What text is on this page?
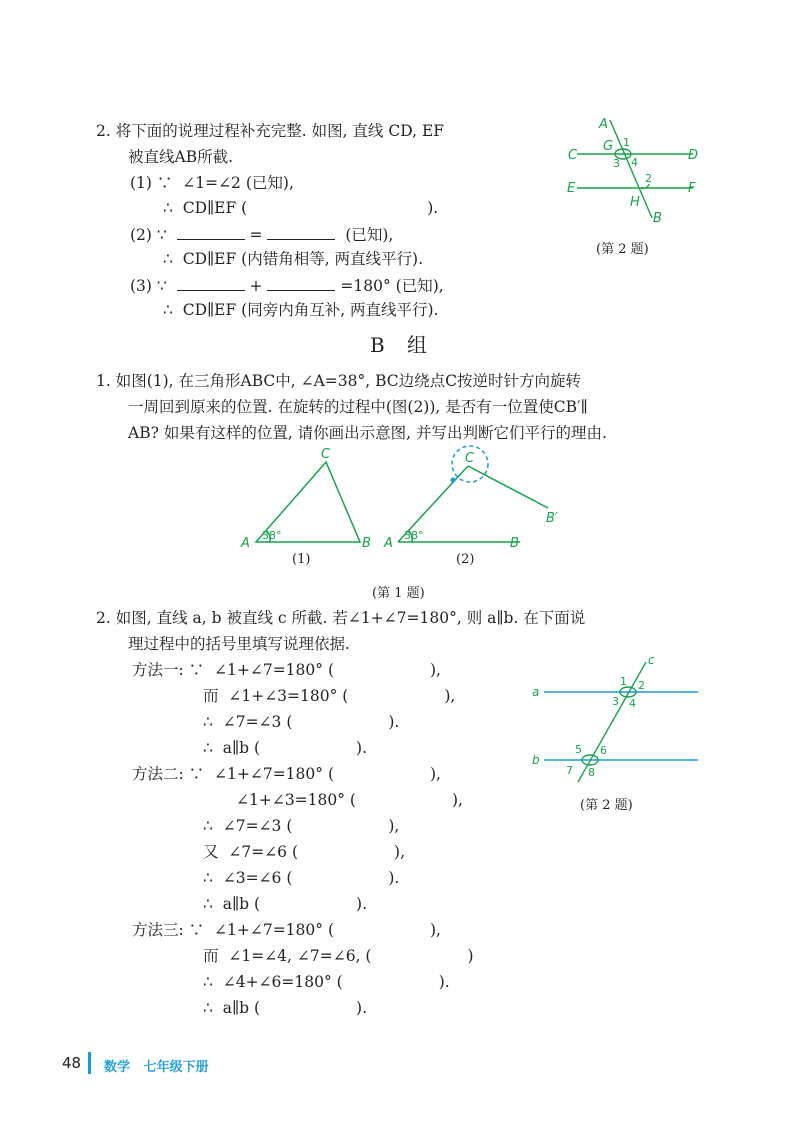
2. 将下面的说理过程补充完整. 如图, 直线 CD, EF
被直线AB所截.
(1) ∵  ∠1=∠2 (已知),
∴  CD∥EF (	).
(2) ∵	=	(已知),
∴  CD∥EF (内错角相等, 两直线平行).
(3) ∵	+	=180° (已知),
∴  CD∥EF (同旁内角互补, 两直线平行).
A
C	D
E	F
G
H
B
1
3 4
2
(第 2 题)
B 组
1. 如图(1), 在三角形ABC中, ∠A=38°, BC边绕点C按逆时针方向旋转
一周回到原来的位置. 在旋转的过程中(图(2)), 是否有一位置使CB′∥
AB? 如果有这样的位置, 请你画出示意图, 并写出判断它们平行的理由.
A	B
C
38°
(1)
A	B
C
B′
38°
(2)
(第 1 题)
2. 如图, 直线 a, b 被直线 c 所截. 若∠1+∠7=180°, 则 a∥b. 在下面说
理过程中的括号里填写说理依据.
方法一: ∵  ∠1+∠7=180° (	),
而  ∠1+∠3=180° (	),
∴  ∠7=∠3 (	).
∴  a∥b (	).
方法二: ∵  ∠1+∠7=180° (	),
∠1+∠3=180° (	),
∴  ∠7=∠3 (	),
又  ∠7=∠6 (	),
∴  ∠3=∠6 (	).
∴  a∥b (	).
方法三: ∵  ∠1+∠7=180° (	),
而  ∠1=∠4, ∠7=∠6, (	)
∴  ∠4+∠6=180° (	).
∴  a∥b (	).
a
b
c
1 2
3 4
5 6
7 8
(第 2 题)
48 数学   七年级下册
